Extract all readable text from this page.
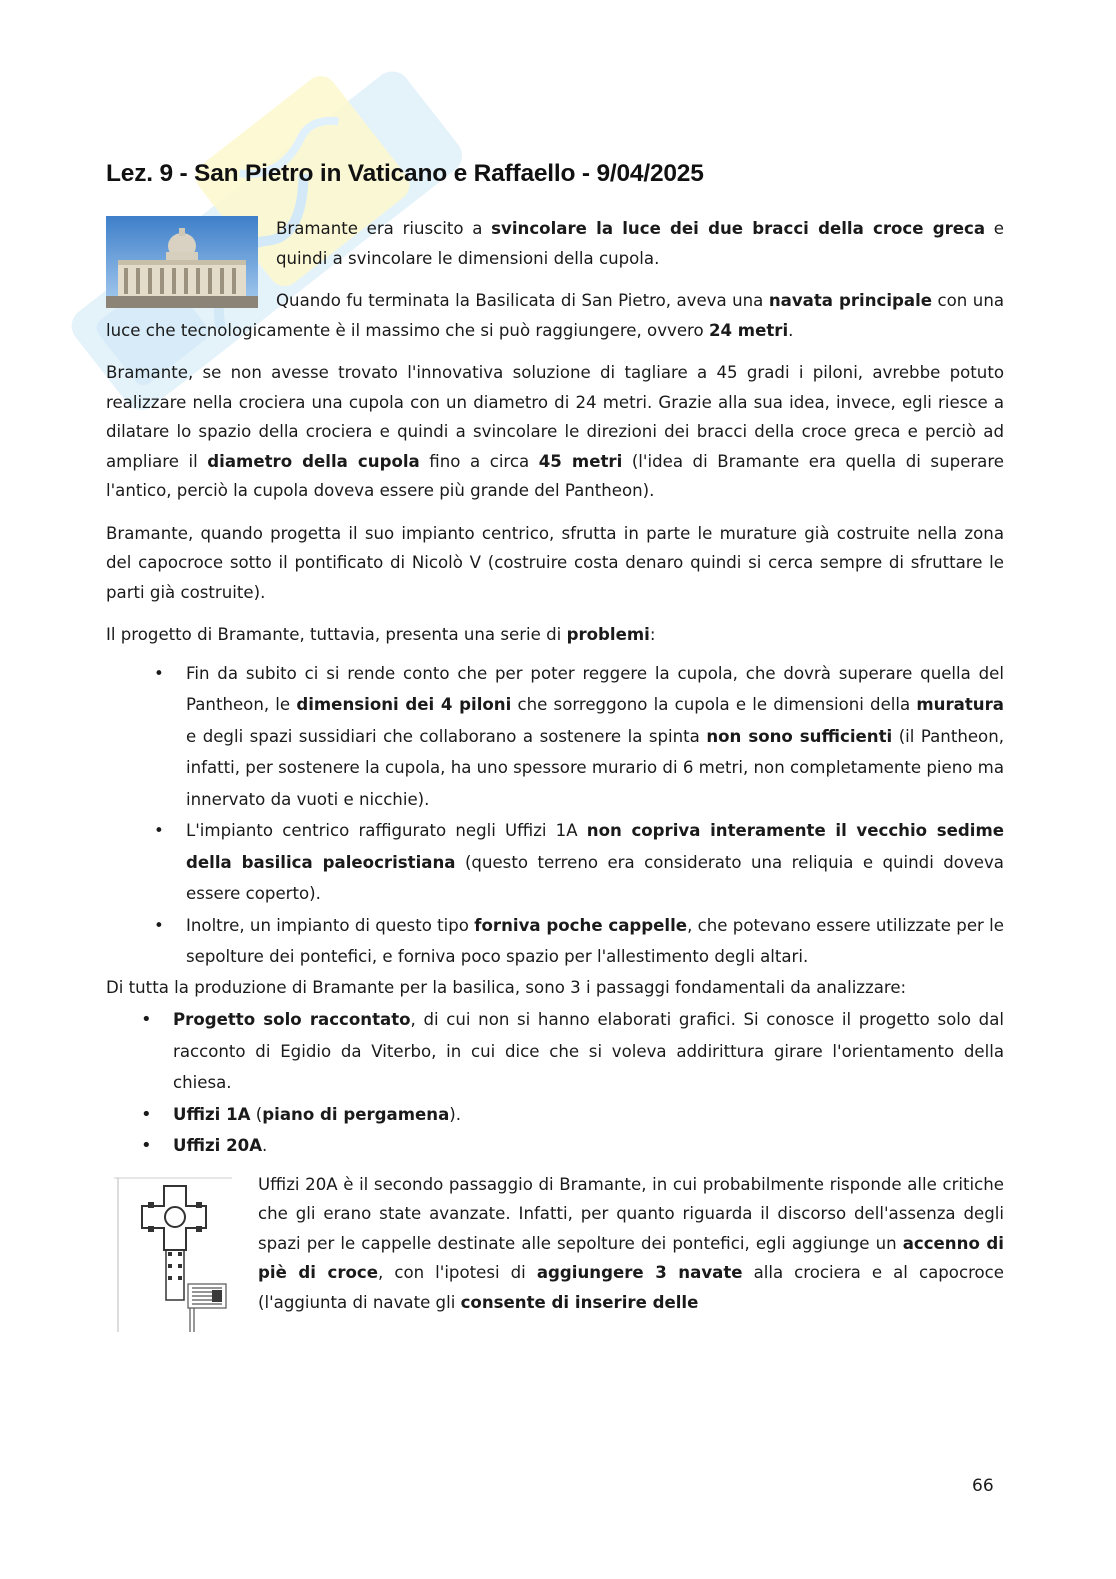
Lez. 9 - San Pietro in Vaticano e Raffaello - 9/04/2025

Bramante era riuscito a svincolare la luce dei due bracci della croce greca e quindi a svincolare le dimensioni della cupola.

Quando fu terminata la Basilicata di San Pietro, aveva una navata principale con una luce che tecnologicamente è il massimo che si può raggiungere, ovvero 24 metri.

Bramante, se non avesse trovato l'innovativa soluzione di tagliare a 45 gradi i piloni, avrebbe potuto realizzare nella crociera una cupola con un diametro di 24 metri. Grazie alla sua idea, invece, egli riesce a dilatare lo spazio della crociera e quindi a svincolare le direzioni dei bracci della croce greca e perciò ad ampliare il diametro della cupola fino a circa 45 metri (l'idea di Bramante era quella di superare l'antico, perciò la cupola doveva essere più grande del Pantheon).

Bramante, quando progetta il suo impianto centrico, sfrutta in parte le murature già costruite nella zona del capocroce sotto il pontificato di Nicolò V (costruire costa denaro quindi si cerca sempre di sfruttare le parti già costruite).

Il progetto di Bramante, tuttavia, presenta una serie di problemi:

• Fin da subito ci si rende conto che per poter reggere la cupola, che dovrà superare quella del Pantheon, le dimensioni dei 4 piloni che sorreggono la cupola e le dimensioni della muratura e degli spazi sussidiari che collaborano a sostenere la spinta non sono sufficienti (il Pantheon, infatti, per sostenere la cupola, ha uno spessore murario di 6 metri, non completamente pieno ma innervato da vuoti e nicchie).
• L'impianto centrico raffigurato negli Uffizi 1A non copriva interamente il vecchio sedime della basilica paleocristiana (questo terreno era considerato una reliquia e quindi doveva essere coperto).
• Inoltre, un impianto di questo tipo forniva poche cappelle, che potevano essere utilizzate per le sepolture dei pontefici, e forniva poco spazio per l'allestimento degli altari.

Di tutta la produzione di Bramante per la basilica, sono 3 i passaggi fondamentali da analizzare:

• Progetto solo raccontato, di cui non si hanno elaborati grafici. Si conosce il progetto solo dal racconto di Egidio da Viterbo, in cui dice che si voleva addirittura girare l'orientamento della chiesa.
• Uffizi 1A (piano di pergamena).
• Uffizi 20A.

Uffizi 20A è il secondo passaggio di Bramante, in cui probabilmente risponde alle critiche che gli erano state avanzate. Infatti, per quanto riguarda il discorso dell'assenza degli spazi per le cappelle destinate alle sepolture dei pontefici, egli aggiunge un accenno di piè di croce, con l'ipotesi di aggiungere 3 navate alla crociera e al capocroce (l'aggiunta di navate gli consente di inserire delle

66
